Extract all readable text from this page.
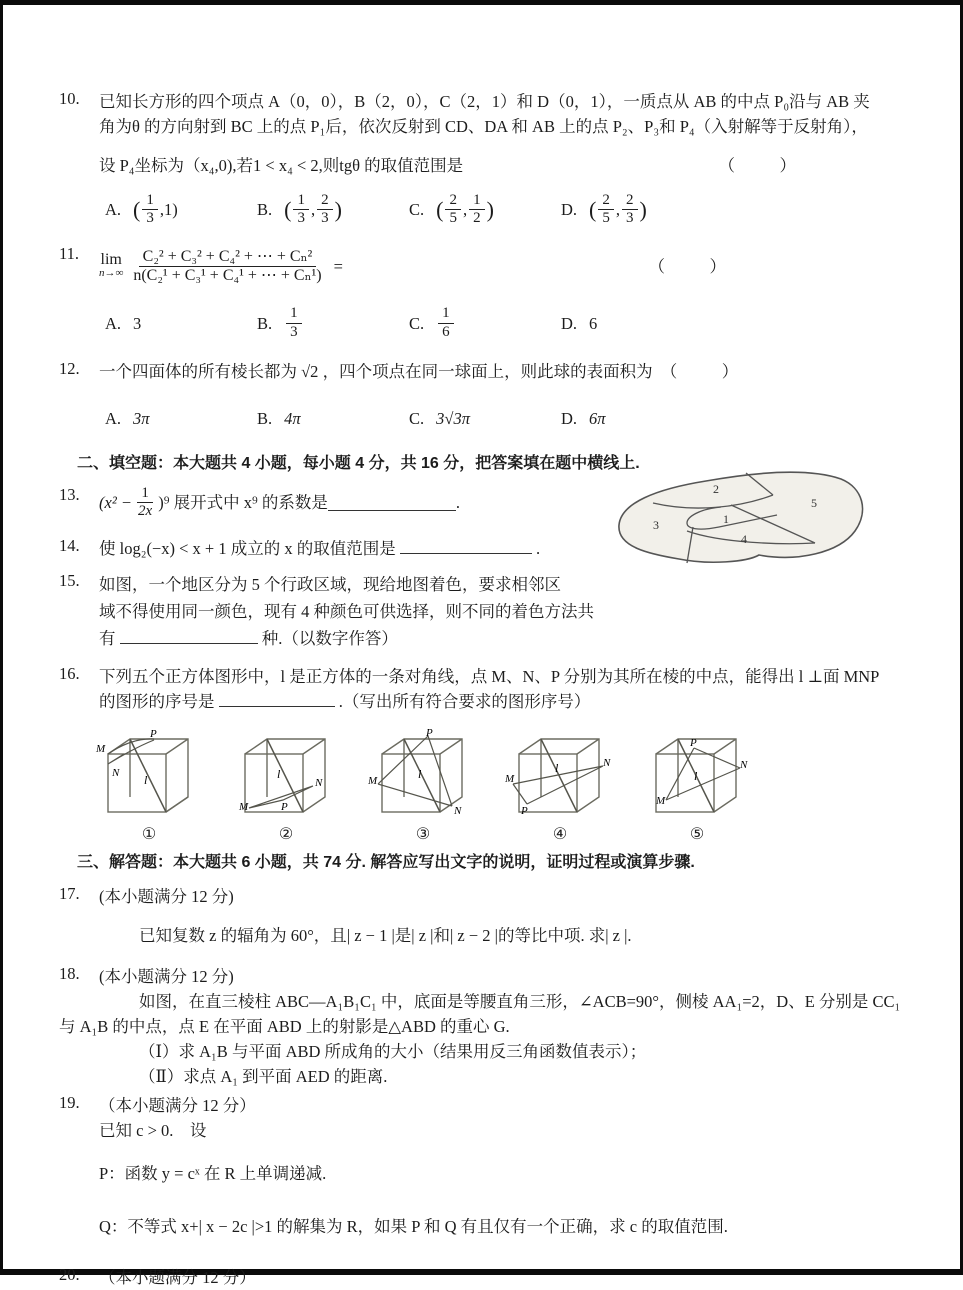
10.	已知长方形的四个项点 A（0，0），B（2，0），C（2，1）和 D（0，1），一质点从 AB 的中点 P₀沿与 AB 夹
角为θ 的方向射到 BC 上的点 P₁后，依次反射到 CD、DA 和 AB 上的点 P₂、P₃和 P₄（入射解等于反射角），
设 P₄坐标为（x₄,0),若1 < x₄ < 2,则tgθ 的取值范围是	（　）
A. ( $\frac{1}{3} ,1$)	B. ( $\frac{1}{3}$ , $\frac{2}{3}$ )	C. ( $\frac{2}{5}$ , $\frac{1}{2}$ )	D. ( $\frac{2}{5}$ , $\frac{2}{3}$ )
11.	lim
$n\to\infty \frac{\text{C₂² + C₃² + C₄² + ⋯ + Cₙ²}}{\text{n(C₂¹ + C₃¹ + C₄¹ + ⋯ + Cₙ¹)}}$ =	（　）
A. 3	B. $\frac{1}{3}$	C. $\frac{1}{6}$	D. 6
12.	一个四面体的所有棱长都为 √2 ，四个项点在同一球面上，则此球的表面积为 （　）
A. 3π	B. 4π	C. 3√3π	D. 6π
二、填空题：本大题共 4 小题，每小题 4 分，共 16 分，把答案填在题中横线上.
13.	$(x^2 - \frac{1}{2x} )^9$ 展开式中 x⁹ 的系数是	.
14.	使 log₂(−x) < x + 1 成立的 x 的取值范围是	.
15.	如图，一个地区分为 5 个行政区域，现给地图着色，要求相邻区
域不得使用同一颜色，现有 4 种颜色可供选择，则不同的着色方法共
有	种.（以数字作答）
1
2
3
4
5
16.	下列五个正方体图形中，l 是正方体的一条对角线，点 M、N、P 分别为其所在棱的中点，能得出 l ⊥面 MNP
的图形的序号是	.（写出所有符合要求的图形序号）
M
N
P
l
①
M
N
P
l
②
M
N
P
l
③
M
N
P
l
④
M
N
P
l
⑤
三、解答题：本大题共 6 小题，共 74 分. 解答应写出文字的说明，证明过程或演算步骤.
17.	(本小题满分 12 分)
已知复数 z 的辐角为 60°，且| z − 1 |是| z |和| z − 2 |的等比中项. 求| z |.
18.	(本小题满分 12 分)
如图，在直三棱柱 ABC—A₁B₁C₁ 中，底面是等腰直角三形，∠ACB=90°，侧棱 AA₁=2，D、E 分别是 CC₁
与 A₁B 的中点，点 E 在平面 ABD 上的射影是△ABD 的重心 G.
（Ⅰ）求 A₁B 与平面 ABD 所成角的大小（结果用反三角函数值表示）；
（Ⅱ）求点 A₁ 到平面 AED 的距离.
19.	（本小题满分 12 分）
已知 c > 0.　设
P：函数 y = cˣ 在 R 上单调递减.
Q：不等式 x+| x − 2c |>1 的解集为 R，如果 P 和 Q 有且仅有一个正确，求 c 的取值范围.
20.	（本小题满分 12 分）
